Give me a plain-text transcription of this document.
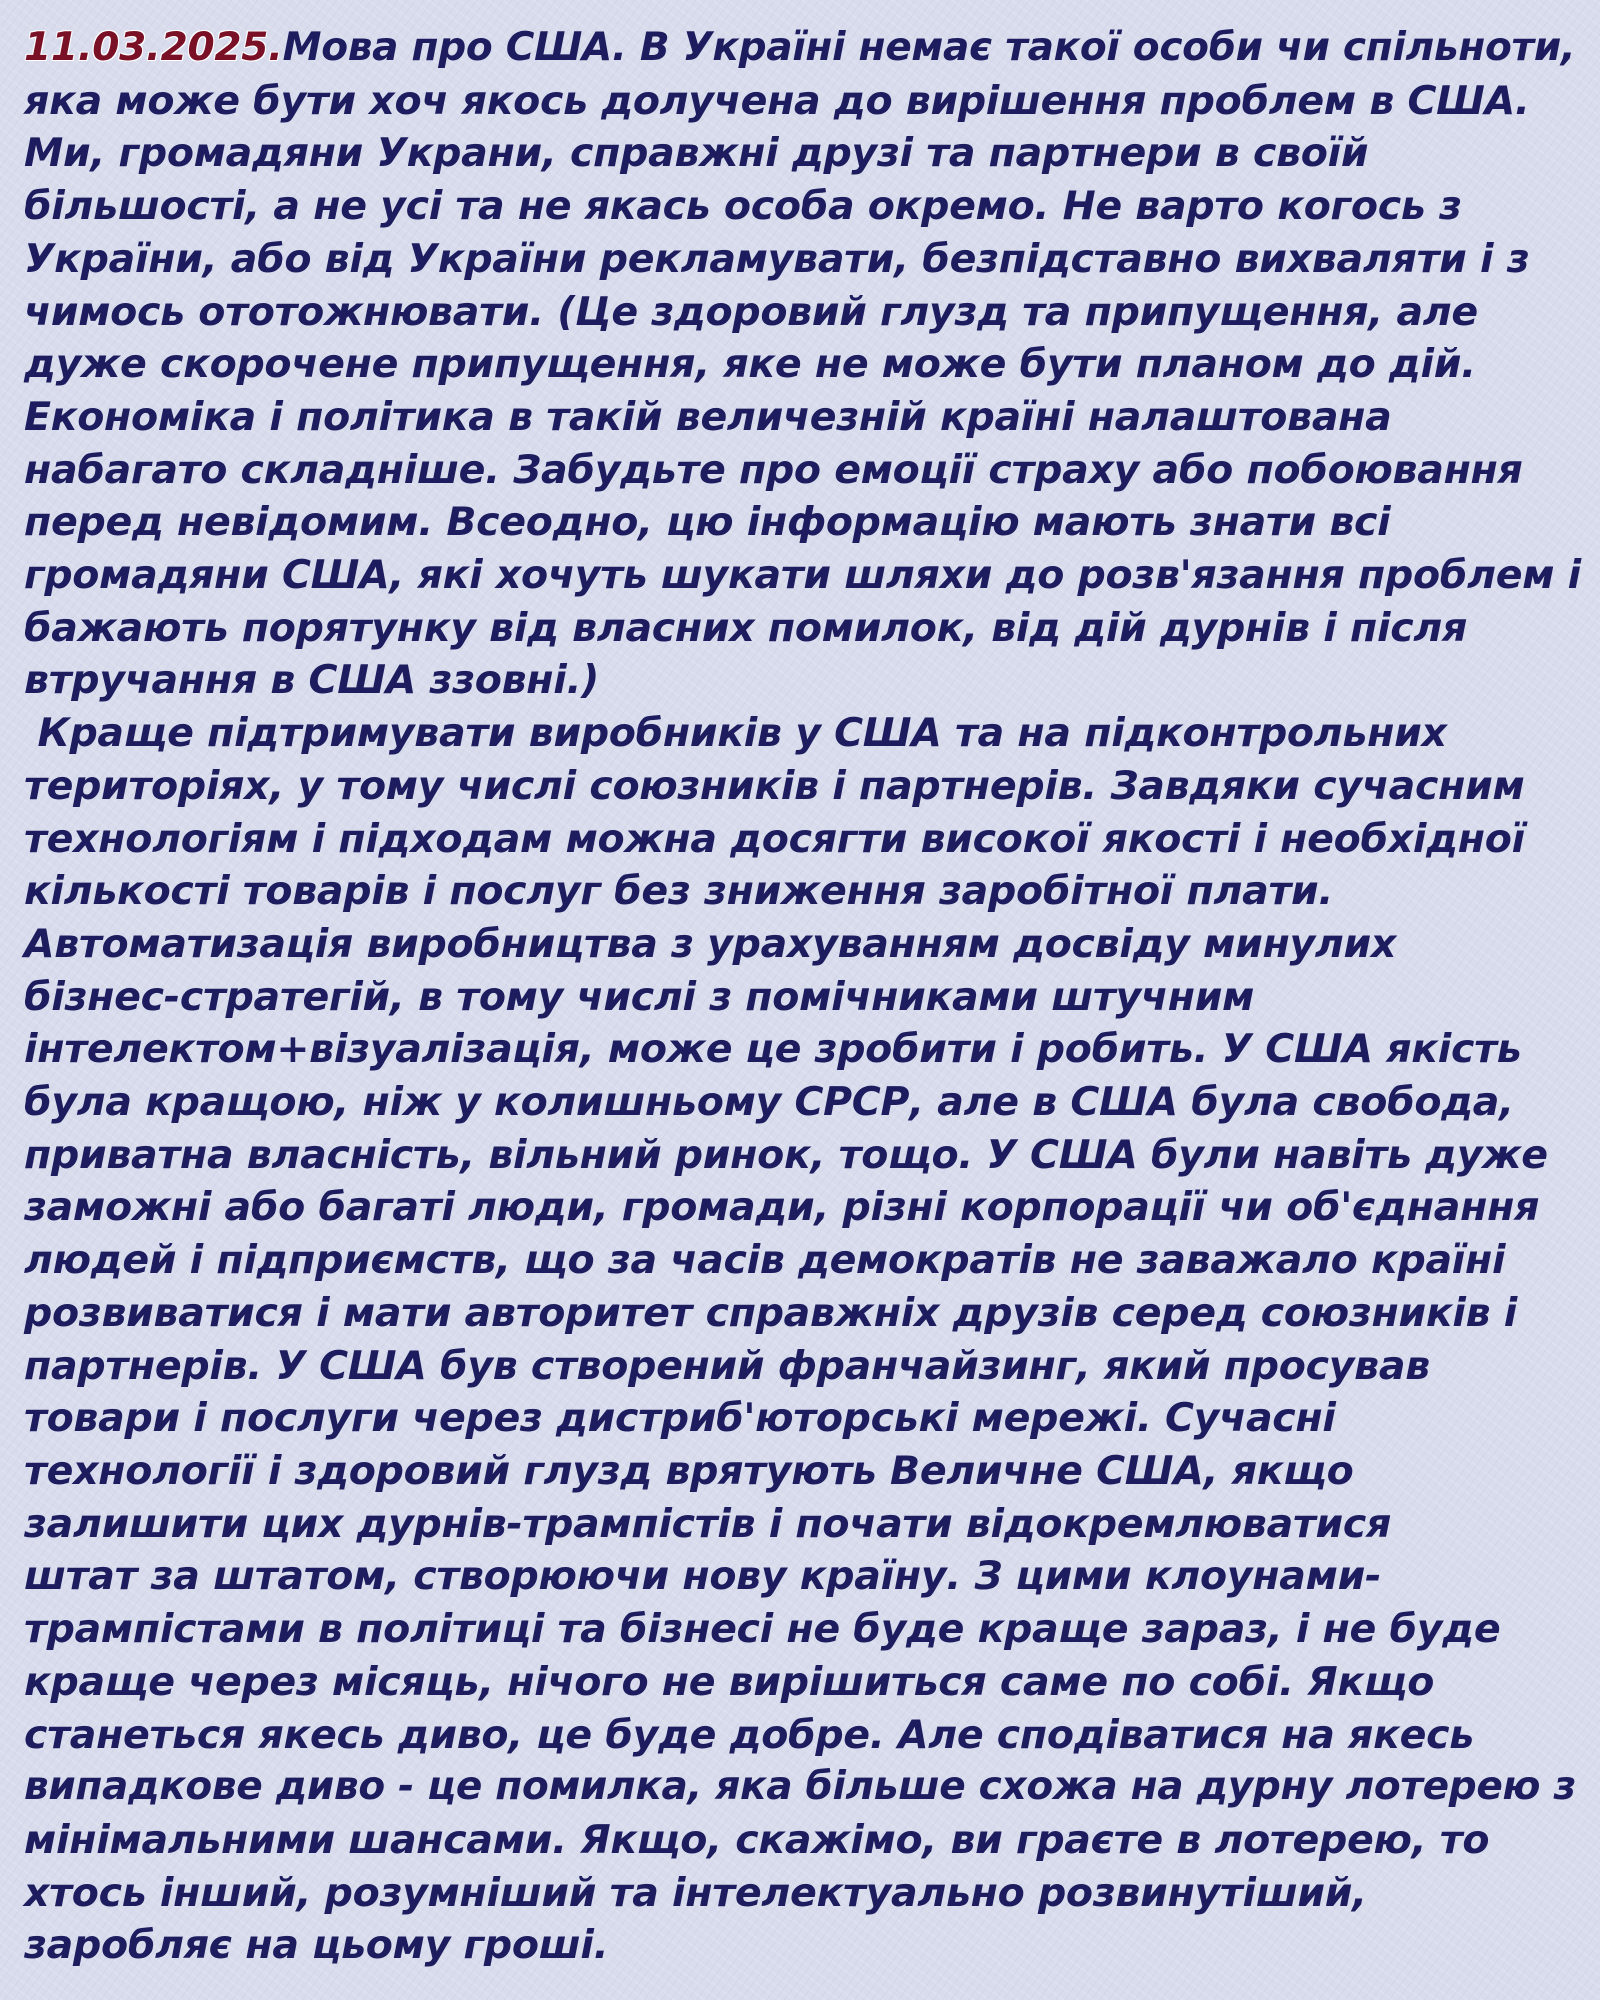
11.03.2025.Мова про США. В Україні немає такої особи чи спільноти,
яка може бути хоч якось долучена до вирішення проблем в США.
Ми, громадяни Украни, справжні друзі та партнери в своїй
більшості, а не усі та не якась особа окремо. Не варто когось з
України, або від України рекламувати, безпідставно вихваляти і з
чимось ототожнювати. (Це здоровий глузд та припущення, але
дуже скорочене припущення, яке не може бути планом до дій.
Економіка і політика в такій величезній країні налаштована
набагато складніше. Забудьте про емоції страху або побоювання
перед невідомим. Всеодно, цю інформацію мають знати всі
громадяни США, які хочуть шукати шляхи до розв'язання проблем і
бажають порятунку від власних помилок, від дій дурнів і після
втручання в США ззовні.)
Краще підтримувати виробників у США та на підконтрольних
територіях, у тому числі союзників і партнерів. Завдяки сучасним
технологіям і підходам можна досягти високої якості і необхідної
кількості товарів і послуг без зниження заробітної плати.
Автоматизація виробництва з урахуванням досвіду минулих
бізнес-стратегій, в тому числі з помічниками штучним
інтелектом+візуалізація, може це зробити і робить. У США якість
була кращою, ніж у колишньому СРСР, але в США була свобода,
приватна власність, вільний ринок, тощо. У США були навіть дуже
заможні або багаті люди, громади, різні корпорації чи об'єднання
людей і підприємств, що за часів демократів не заважало країні
розвиватися і мати авторитет справжніх друзів серед союзників і
партнерів. У США був створений франчайзинг, який просував
товари і послуги через дистриб'юторські мережі. Сучасні
технології і здоровий глузд врятують Величне США, якщо
залишити цих дурнів-трампістів і почати відокремлюватися
штат за штатом, створюючи нову країну. З цими клоунами-
трампістами в політиці та бізнесі не буде краще зараз, і не буде
краще через місяць, нічого не вирішиться саме по собі. Якщо
станеться якесь диво, це буде добре. Але сподіватися на якесь
випадкове диво - це помилка, яка більше схожа на дурну лотерею з
мінімальними шансами. Якщо, скажімо, ви граєте в лотерею, то
хтось інший, розумніший та інтелектуально розвинутіший,
заробляє на цьому гроші.
